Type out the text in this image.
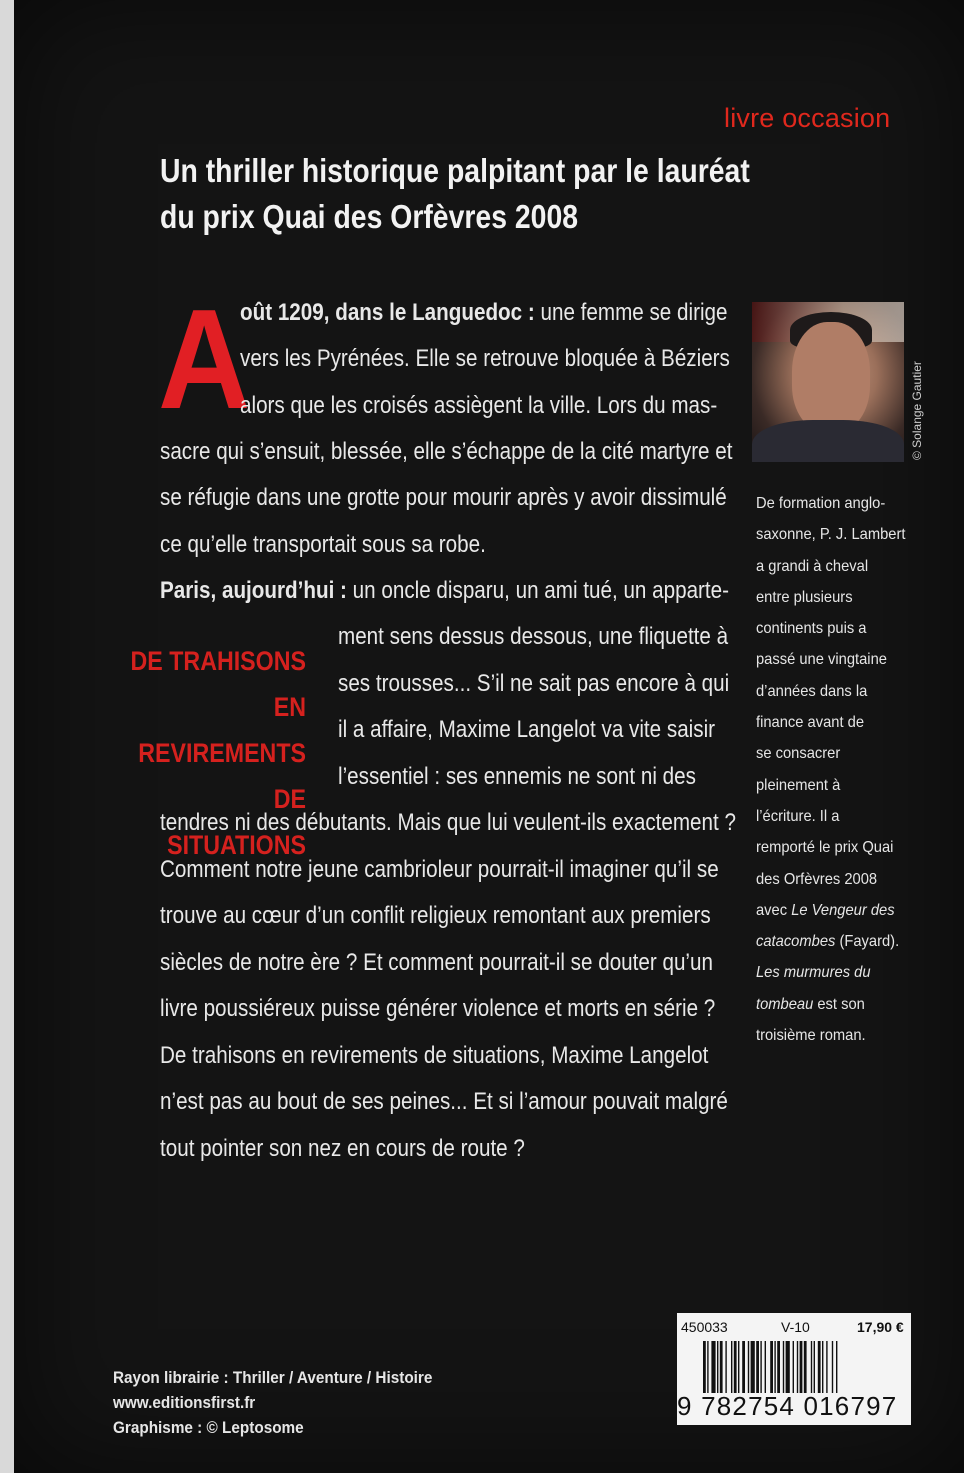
livre occasion
Un thriller historique palpitant par le lauréat
du prix Quai des Orfèvres 2008
A
oût 1209, dans le Languedoc : une femme se dirige
vers les Pyrénées. Elle se retrouve bloquée à Béziers
alors que les croisés assiègent la ville. Lors du mas-
sacre qui s’ensuit, blessée, elle s’échappe de la cité martyre et
se réfugie dans une grotte pour mourir après y avoir dissimulé
ce qu’elle transportait sous sa robe.
Paris, aujourd’hui : un oncle disparu, un ami tué, un apparte-
ment sens dessus dessous, une fliquette à
ses trousses... S’il ne sait pas encore à qui
il a affaire, Maxime Langelot va vite saisir
l’essentiel : ses ennemis ne sont ni des
tendres ni des débutants. Mais que lui veulent-ils exactement ?
Comment notre jeune cambrioleur pourrait-il imaginer qu’il se
trouve au cœur d’un conflit religieux remontant aux premiers
siècles de notre ère ? Et comment pourrait-il se douter qu’un
livre poussiéreux puisse générer violence et morts en série ?
De trahisons en revirements de situations, Maxime Langelot
n’est pas au bout de ses peines... Et si l’amour pouvait malgré
tout pointer son nez en cours de route ?
DE TRAHISONS EN
REVIREMENTS DE
SITUATIONS
© Solange Gautier
De formation anglo-
saxonne, P. J. Lambert
a grandi à cheval
entre plusieurs
continents puis a
passé une vingtaine
d’années dans la
finance avant de
se consacrer
pleinement à
l’écriture. Il a
remporté le prix Quai
des Orfèvres 2008
avec Le Vengeur des
catacombes (Fayard).
Les murmures du
tombeau est son
troisième roman.
450033	V-10	17,90 €
9 782754 016797
Rayon librairie : Thriller / Aventure / Histoire
www.editionsfirst.fr
Graphisme : © Leptosome
